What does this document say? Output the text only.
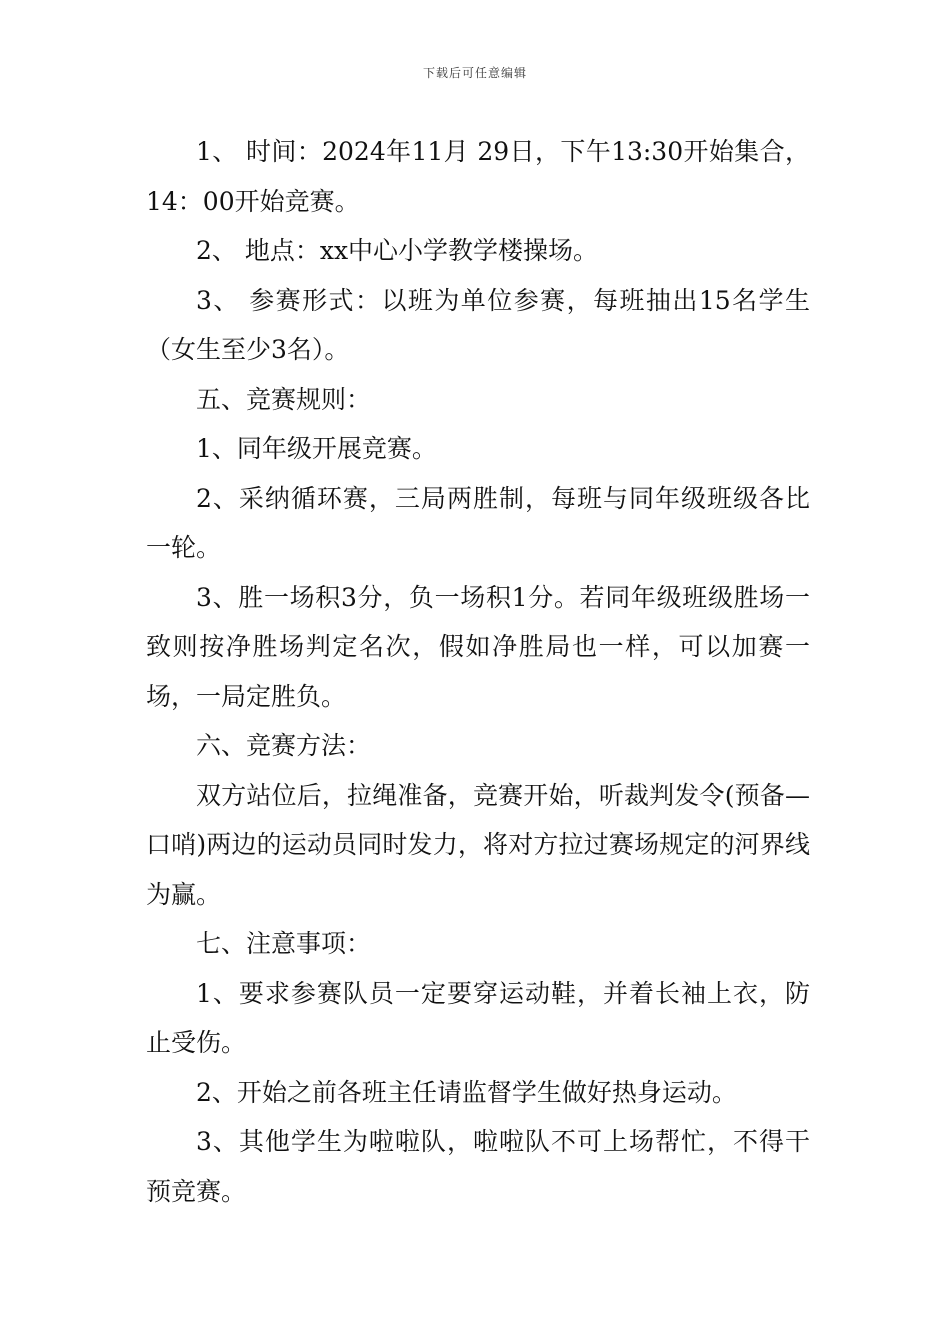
下载后可任意编辑

1、 时间：2024年11月 29日，下午13:30开始集合，14：00开始竞赛。

2、 地点：xx中心小学教学楼操场。

3、 参赛形式：以班为单位参赛，每班抽出15名学生（女生至少3名）。

五、竞赛规则：

1、同年级开展竞赛。

2、采纳循环赛，三局两胜制，每班与同年级班级各比一轮。

3、胜一场积3分，负一场积1分。若同年级班级胜场一致则按净胜场判定名次，假如净胜局也一样，可以加赛一场，一局定胜负。

六、竞赛方法：

双方站位后，拉绳准备，竞赛开始，听裁判发令(预备—口哨)两边的运动员同时发力，将对方拉过赛场规定的河界线为赢。

七、注意事项：

1、要求参赛队员一定要穿运动鞋，并着长袖上衣，防止受伤。

2、开始之前各班主任请监督学生做好热身运动。

3、其他学生为啦啦队，啦啦队不可上场帮忙，不得干预竞赛。
